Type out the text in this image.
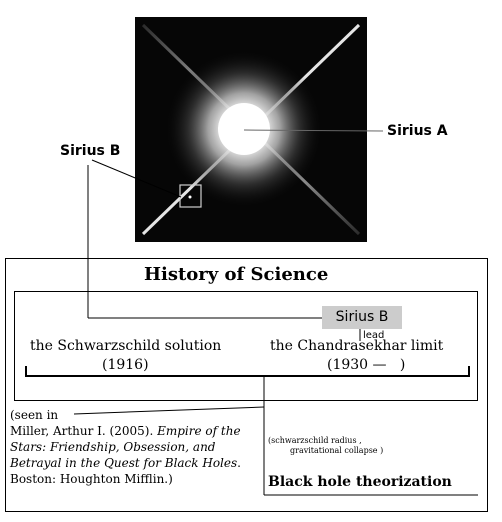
Sirius A
Sirius B
History of Science
Sirius B
lead
the Schwarzschild solution
(1916)
the Chandrasekhar limit
(1930 —   )
(seen in
Miller, Arthur I. (2005). Empire of the Stars: Friendship, Obsession, and Betrayal in the Quest for Black Holes. Boston: Houghton Mifflin.)
(schwarzschild radius ,
gravitational collapse )
Black hole theorization
